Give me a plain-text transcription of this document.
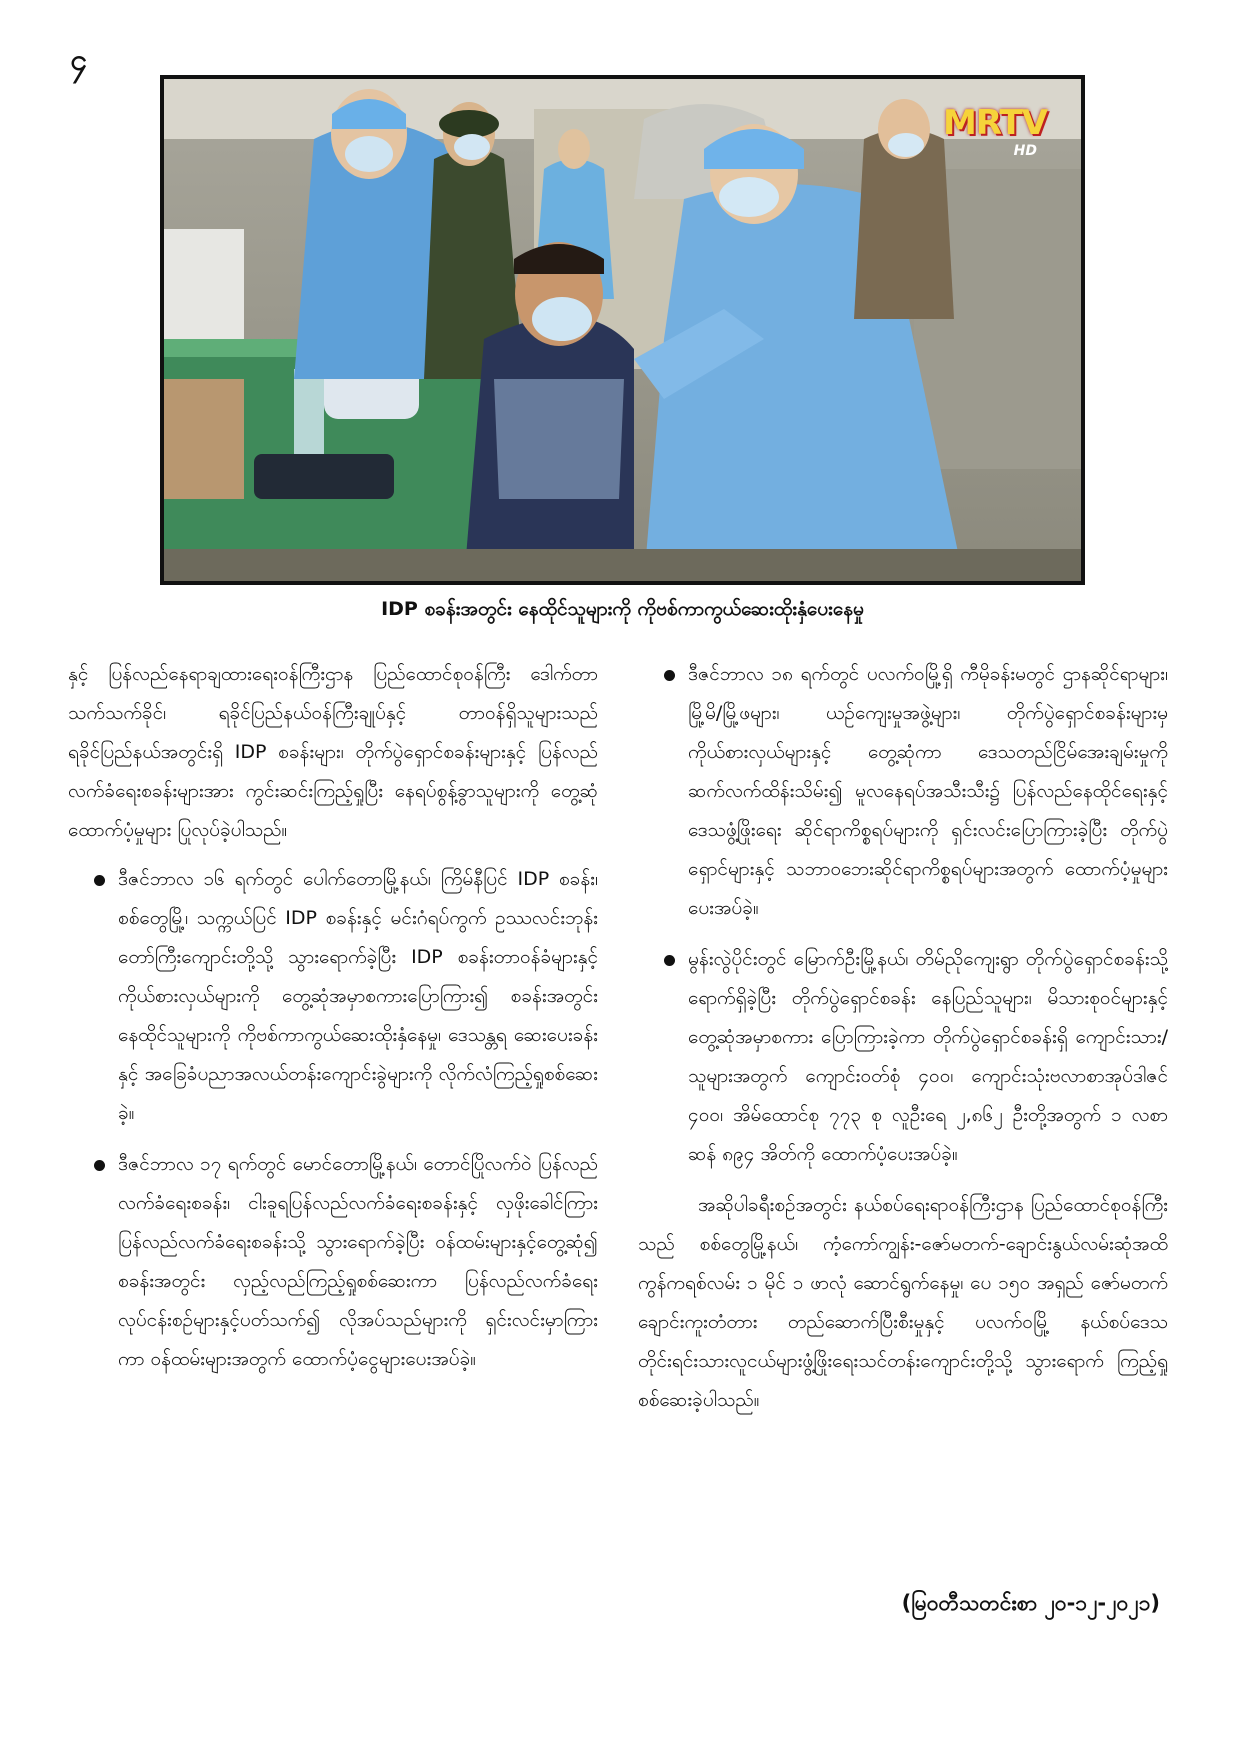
၄
MRTV
HD
IDP စခန်းအတွင်း နေထိုင်သူများကို ကိုဗစ်ကာကွယ်ဆေးထိုးနှံပေးနေမှု

နှင့် ပြန်လည်နေရာချထားရေးဝန်ကြီးဌာန ပြည်ထောင်စုဝန်ကြီး ဒေါက်တာသက်သက်ခိုင်၊ ရခိုင်ပြည်နယ်ဝန်ကြီးချုပ်နှင့် တာဝန်ရှိသူများသည် ရခိုင်ပြည်နယ်အတွင်းရှိ IDP စခန်းများ၊ တိုက်ပွဲရှောင်စခန်းများနှင့် ပြန်လည်လက်ခံရေးစခန်းများအား ကွင်းဆင်းကြည့်ရှုပြီး နေရပ်စွန့်ခွာသူများကို တွေ့ဆုံထောက်ပံ့မှုများ ပြုလုပ်ခဲ့ပါသည်။

ဒီဇင်ဘာလ ၁၆ ရက်တွင် ပေါက်တောမြို့နယ်၊ ကြိမ်နီပြင် IDP စခန်း၊ စစ်တွေမြို့၊ သက္ကယ်ပြင် IDP စခန်းနှင့် မင်းဂံရပ်ကွက် ဥဿလင်းဘုန်းတော်ကြီးကျောင်းတို့သို့ သွားရောက်ခဲ့ပြီး IDP စခန်းတာဝန်ခံများနှင့် ကိုယ်စားလှယ်များကို တွေ့ဆုံအမှာစကားပြောကြား၍ စခန်းအတွင်း နေထိုင်သူများကို ကိုဗစ်ကာကွယ်ဆေးထိုးနှံနေမှု၊ ဒေသန္တရ ဆေးပေးခန်းနှင့် အခြေခံပညာအလယ်တန်းကျောင်းခွဲများကို လိုက်လံကြည့်ရှုစစ်ဆေးခဲ့။

ဒီဇင်ဘာလ ၁၇ ရက်တွင် မောင်တောမြို့နယ်၊ တောင်ပြိုလက်ဝဲ ပြန်လည်လက်ခံရေးစခန်း၊ ငါးခူရပြန်လည်လက်ခံရေးစခန်းနှင့် လှဖိုးခေါင်ကြား ပြန်လည်လက်ခံရေးစခန်းသို့ သွားရောက်ခဲ့ပြီး ဝန်ထမ်းများနှင့်တွေ့ဆုံ၍ စခန်းအတွင်း လှည့်လည်ကြည့်ရှုစစ်ဆေးကာ ပြန်လည်လက်ခံရေးလုပ်ငန်းစဉ်များနှင့်ပတ်သက်၍ လိုအပ်သည်များကို ရှင်းလင်းမှာကြားကာ ဝန်ထမ်းများအတွက် ထောက်ပံ့ငွေများပေးအပ်ခဲ့။

ဒီဇင်ဘာလ ၁၈ ရက်တွင် ပလက်ဝမြို့ရှိ ကီမိုခန်းမတွင် ဌာနဆိုင်ရာများ၊ မြို့မိ/မြို့ဖများ၊ ယဉ်ကျေးမှုအဖွဲ့များ၊ တိုက်ပွဲရှောင်စခန်းများမှ ကိုယ်စားလှယ်များနှင့် တွေ့ဆုံကာ ဒေသတည်ငြိမ်အေးချမ်းမှုကို ဆက်လက်ထိန်းသိမ်း၍ မူလနေရပ်အသီးသီး၌ ပြန်လည်နေထိုင်ရေးနှင့် ဒေသဖွံ့ဖြိုးရေး ဆိုင်ရာကိစ္စရပ်များကို ရှင်းလင်းပြောကြားခဲ့ပြီး တိုက်ပွဲရှောင်များနှင့် သဘာဝဘေးဆိုင်ရာကိစ္စရပ်များအတွက် ထောက်ပံ့မှုများ ပေးအပ်ခဲ့။

မွန်းလွဲပိုင်းတွင် မြောက်ဦးမြို့နယ်၊ တိမ်ညိုကျေးရွာ တိုက်ပွဲရှောင်စခန်းသို့ ရောက်ရှိခဲ့ပြီး တိုက်ပွဲရှောင်စခန်း နေပြည်သူများ၊ မိသားစုဝင်များနှင့် တွေ့ဆုံအမှာစကား ပြောကြားခဲ့ကာ တိုက်ပွဲရှောင်စခန်းရှိ ကျောင်းသား/သူများအတွက် ကျောင်းဝတ်စုံ ၄၀၀၊ ကျောင်းသုံးဗလာစာအုပ်ဒါဇင် ၄၀၀၊ အိမ်ထောင်စု ၇၇၃ စု လူဦးရေ ၂,၈၆၂ ဦးတို့အတွက် ၁ လစာ ဆန် ၈၉၄ အိတ်ကို ထောက်ပံ့ပေးအပ်ခဲ့။

အဆိုပါခရီးစဉ်အတွင်း နယ်စပ်ရေးရာဝန်ကြီးဌာန ပြည်ထောင်စုဝန်ကြီးသည် စစ်တွေမြို့နယ်၊ ကံ့ကော်ကျွန်း-ဇော်မတက်-ချောင်းနွယ်လမ်းဆုံအထိ ကွန်ကရစ်လမ်း ၁ မိုင် ၁ ဖာလုံ ဆောင်ရွက်နေမှု၊ ပေ ၁၅၀ အရှည် ဇော်မတက် ချောင်းကူးတံတား တည်ဆောက်ပြီးစီးမှုနှင့် ပလက်ဝမြို့ နယ်စပ်ဒေသ တိုင်းရင်းသားလူငယ်များဖွံ့ဖြိုးရေးသင်တန်းကျောင်းတို့သို့ သွားရောက် ကြည့်ရှုစစ်ဆေးခဲ့ပါသည်။

(မြဝတီသတင်းစာ ၂၀-၁၂-၂၀၂၁)
